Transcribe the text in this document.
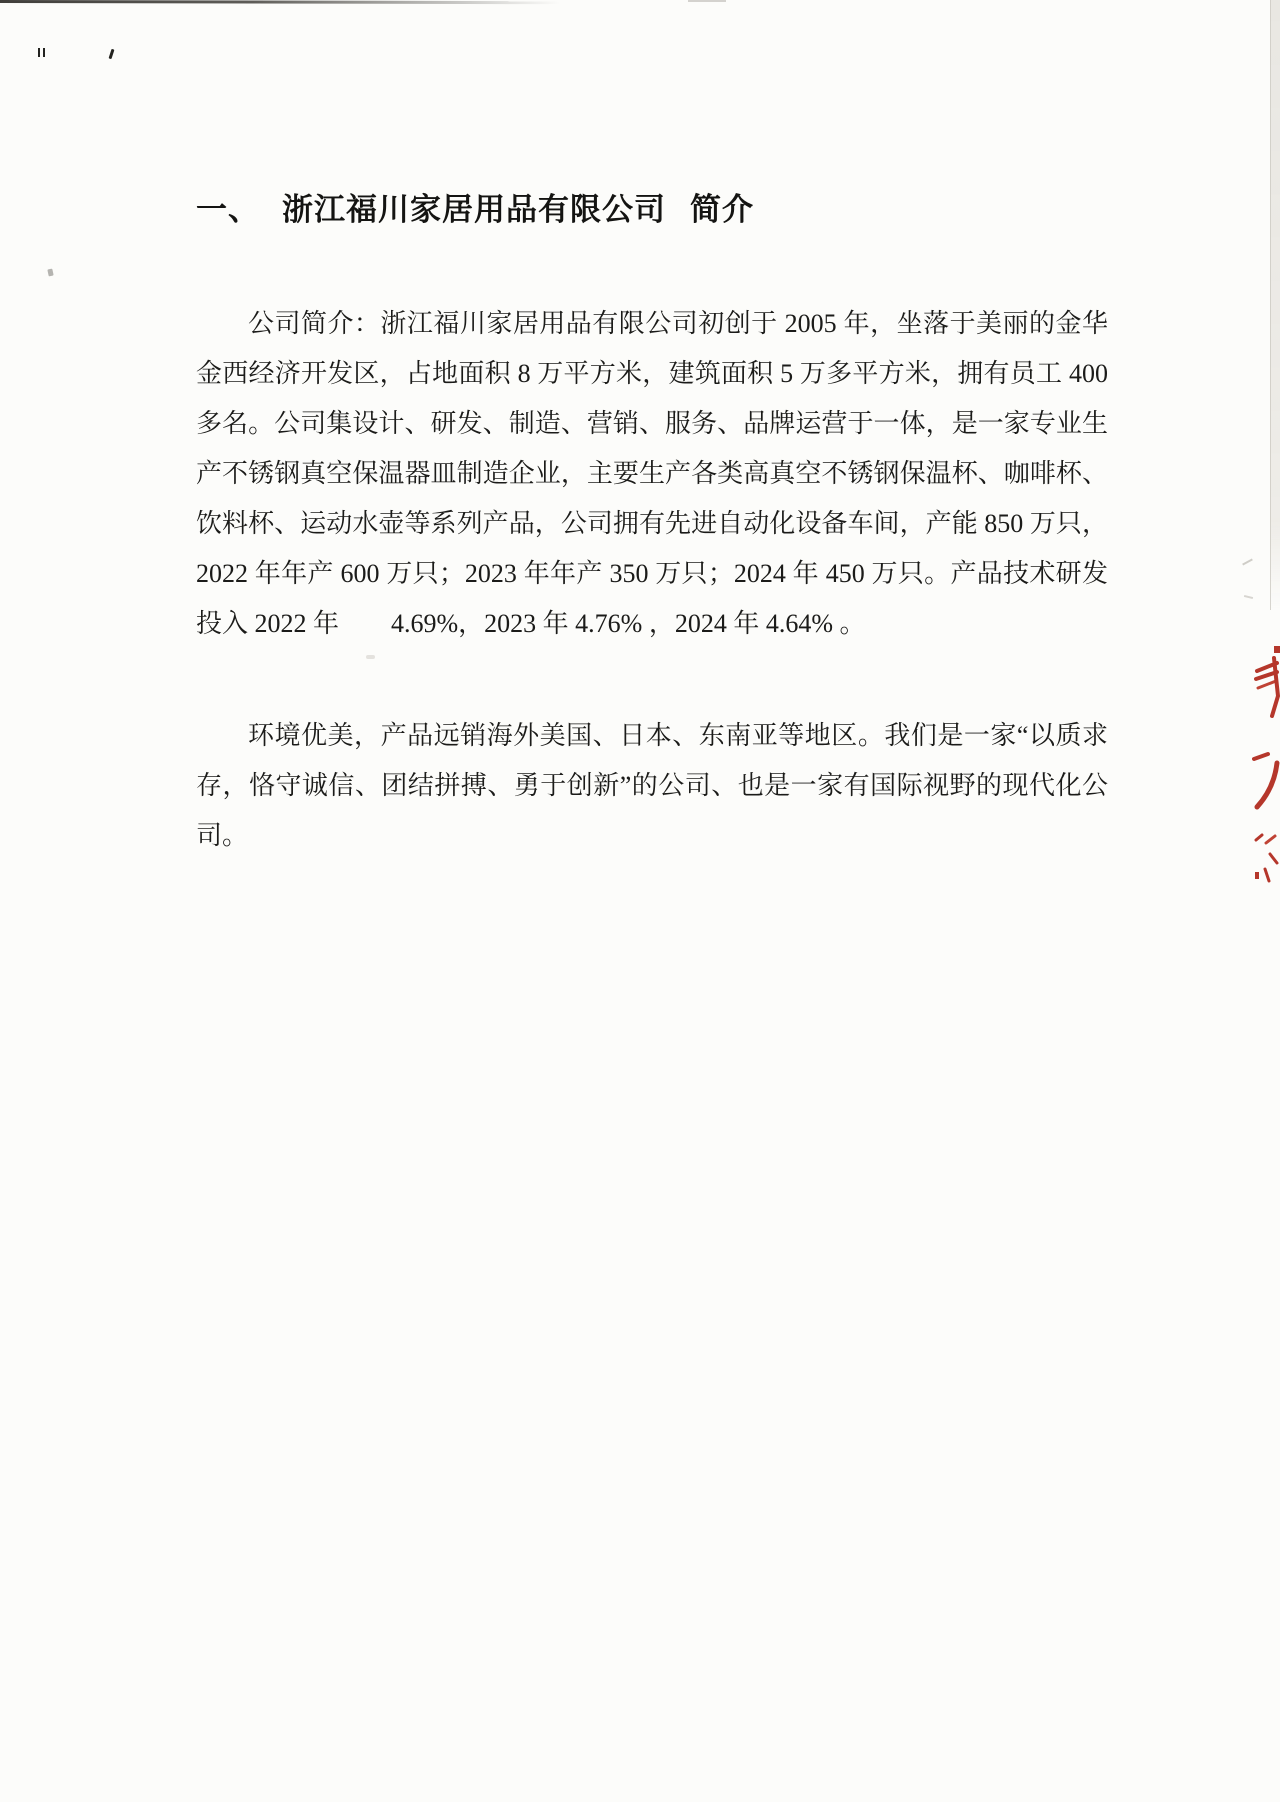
一、 浙江福川家居用品有限公司 简介
公司简介：浙江福川家居用品有限公司初创于 2005 年，坐落于美丽的金华
金西经济开发区，占地面积 8 万平方米，建筑面积 5 万多平方米，拥有员工 400
多名。公司集设计、研发、制造、营销、服务、品牌运营于一体，是一家专业生
产不锈钢真空保温器皿制造企业，主要生产各类高真空不锈钢保温杯、咖啡杯、
饮料杯、运动水壶等系列产品，公司拥有先进自动化设备车间，产能 850 万只，
2022 年年产 600 万只；2023 年年产 350 万只；2024 年 450 万只。产品技术研发
投入 2022 年　　4.69%，2023 年 4.76% ，2024 年 4.64% 。
环境优美，产品远销海外美国、日本、东南亚等地区。我们是一家“以质求
存，恪守诚信、团结拼搏、勇于创新”的公司、也是一家有国际视野的现代化公
司。
